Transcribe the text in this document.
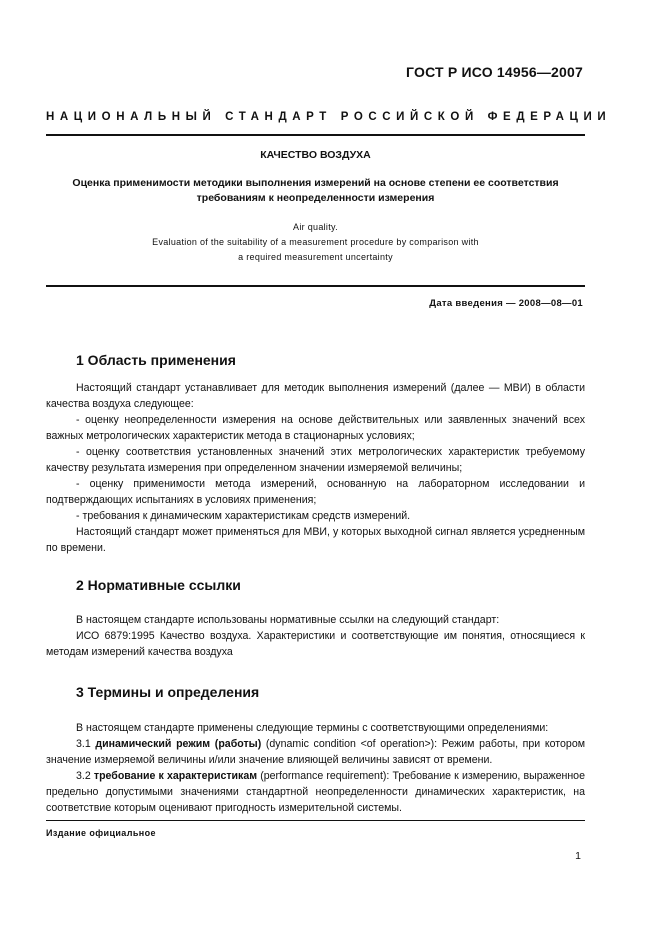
ГОСТ Р ИСО 14956—2007
НАЦИОНАЛЬНЫЙ СТАНДАРТ РОССИЙСКОЙ ФЕДЕРАЦИИ
КАЧЕСТВО ВОЗДУХА
Оценка применимости методики выполнения измерений на основе степени ее соответствия
требованиям к неопределенности измерения
Air quality.
Evaluation of the suitability of a measurement procedure by comparison with
a required measurement uncertainty
Дата введения — 2008—08—01
1 Область применения

Настоящий стандарт устанавливает для методик выполнения измерений (далее — МВИ) в области качества воздуха следующее:

- оценку неопределенности измерения на основе действительных или заявленных значений всех важных метрологических характеристик метода в стационарных условиях;

- оценку соответствия установленных значений этих метрологических характеристик требуемому качеству результата измерения при определенном значении измеряемой величины;

- оценку применимости метода измерений, основанную на лабораторном исследовании и подтверждающих испытаниях в условиях применения;

- требования к динамическим характеристикам средств измерений.

Настоящий стандарт может применяться для МВИ, у которых выходной сигнал является усредненным по времени.

2 Нормативные ссылки

В настоящем стандарте использованы нормативные ссылки на следующий стандарт:

ИСО 6879:1995 Качество воздуха. Характеристики и соответствующие им понятия, относящиеся к методам измерений качества воздуха

3 Термины и определения

В настоящем стандарте применены следующие термины с соответствующими определениями:

3.1 динамический режим (работы) (dynamic condition <of operation>): Режим работы, при котором значение измеряемой величины и/или значение влияющей величины зависят от времени.

3.2 требование к характеристикам (performance requirement): Требование к измерению, выраженное предельно допустимыми значениями стандартной неопределенности динамических характеристик, на соответствие которым оценивают пригодность измерительной системы.

Издание официальное
1
